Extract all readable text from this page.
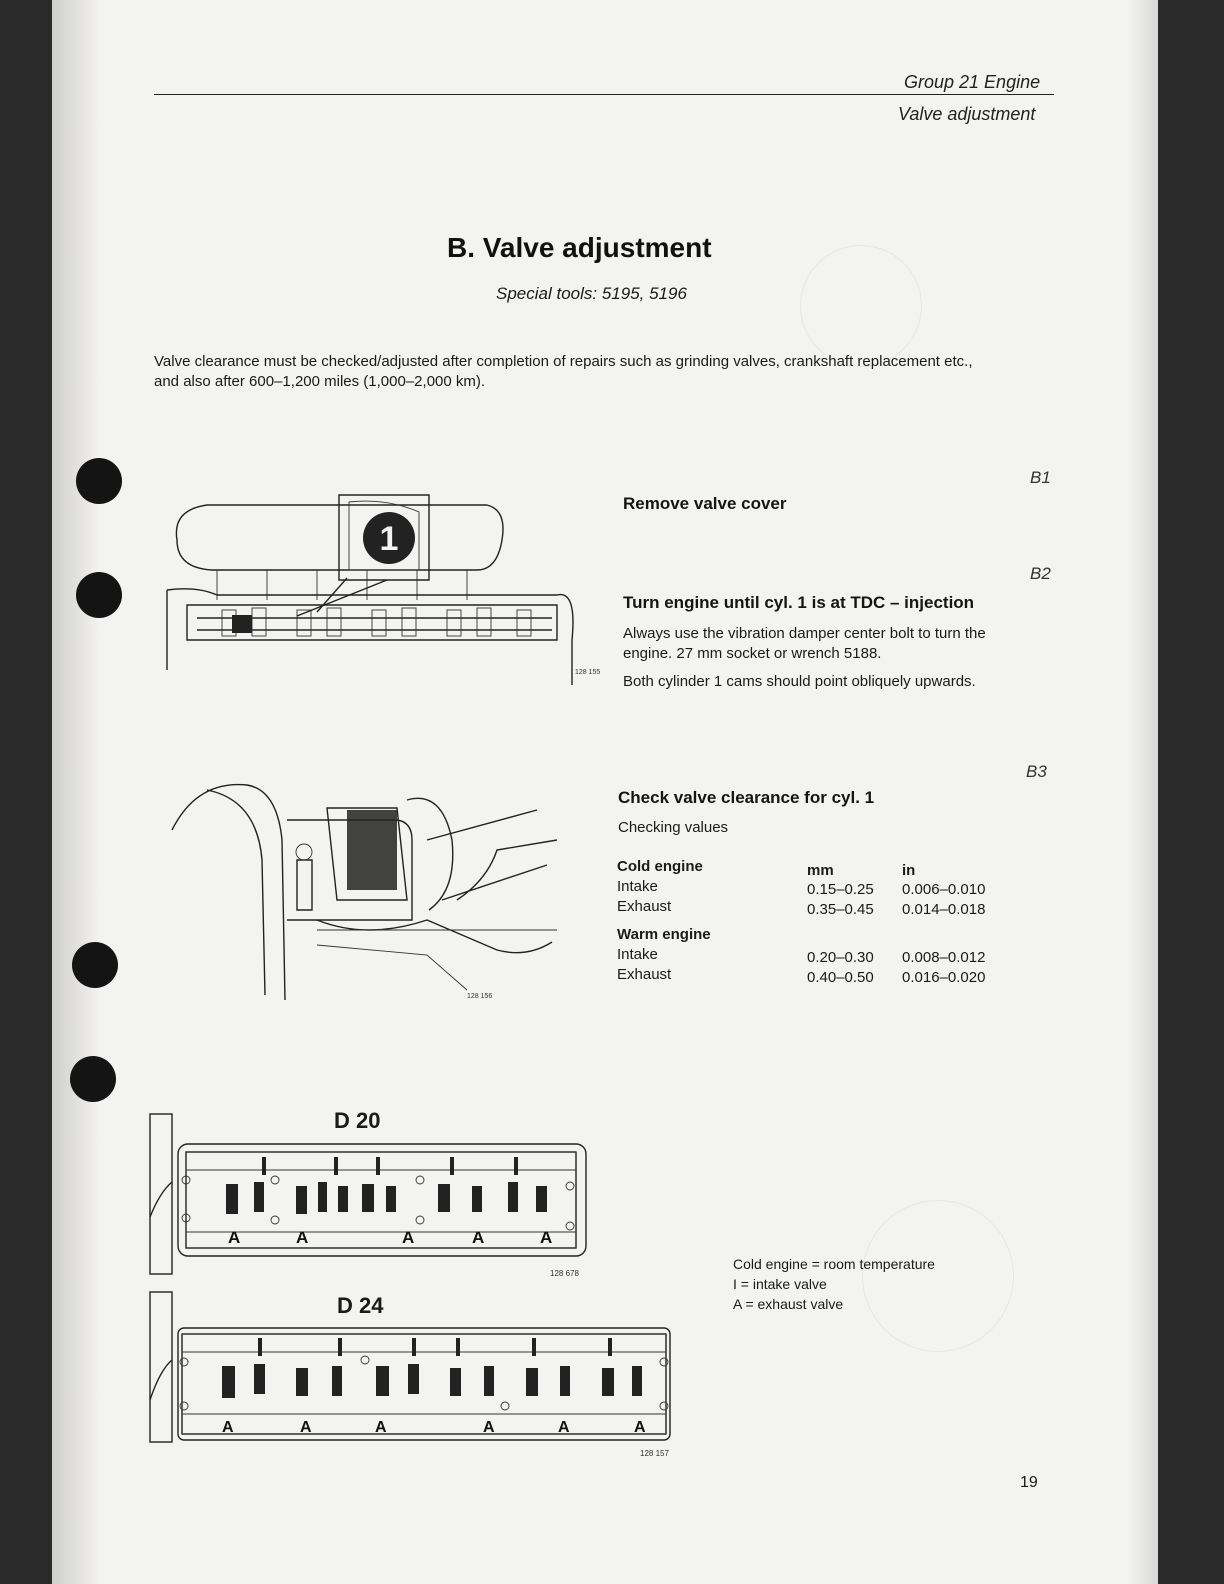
Group 21 Engine
Valve adjustment
B. Valve adjustment
Special tools: 5195, 5196
Valve clearance must be checked/adjusted after completion of repairs such as grinding valves, crankshaft replacement etc.,
and also after 600–1,200 miles (1,000–2,000 km).
B1
Remove valve cover
B2
Turn engine until cyl. 1 is at TDC – injection
Always use the vibration damper center bolt to turn the
engine. 27 mm socket or wrench 5188.
Both cylinder 1 cams should point obliquely upwards.
B3
Check valve clearance for cyl. 1
Checking values
Cold engine	mm	in
Intake	0.15–0.25 0.006–0.010
Exhaust	0.35–0.45 0.014–0.018
Warm engine
Intake	0.20–0.30 0.008–0.012
Exhaust	0.40–0.50 0.016–0.020
Cold engine = room temperature
I = intake valve
A = exhaust valve
19
1
128 155
128 156
D 20
A	A	A	A	A
128 678
D 24
A	A	A	A	A	A
128 157
